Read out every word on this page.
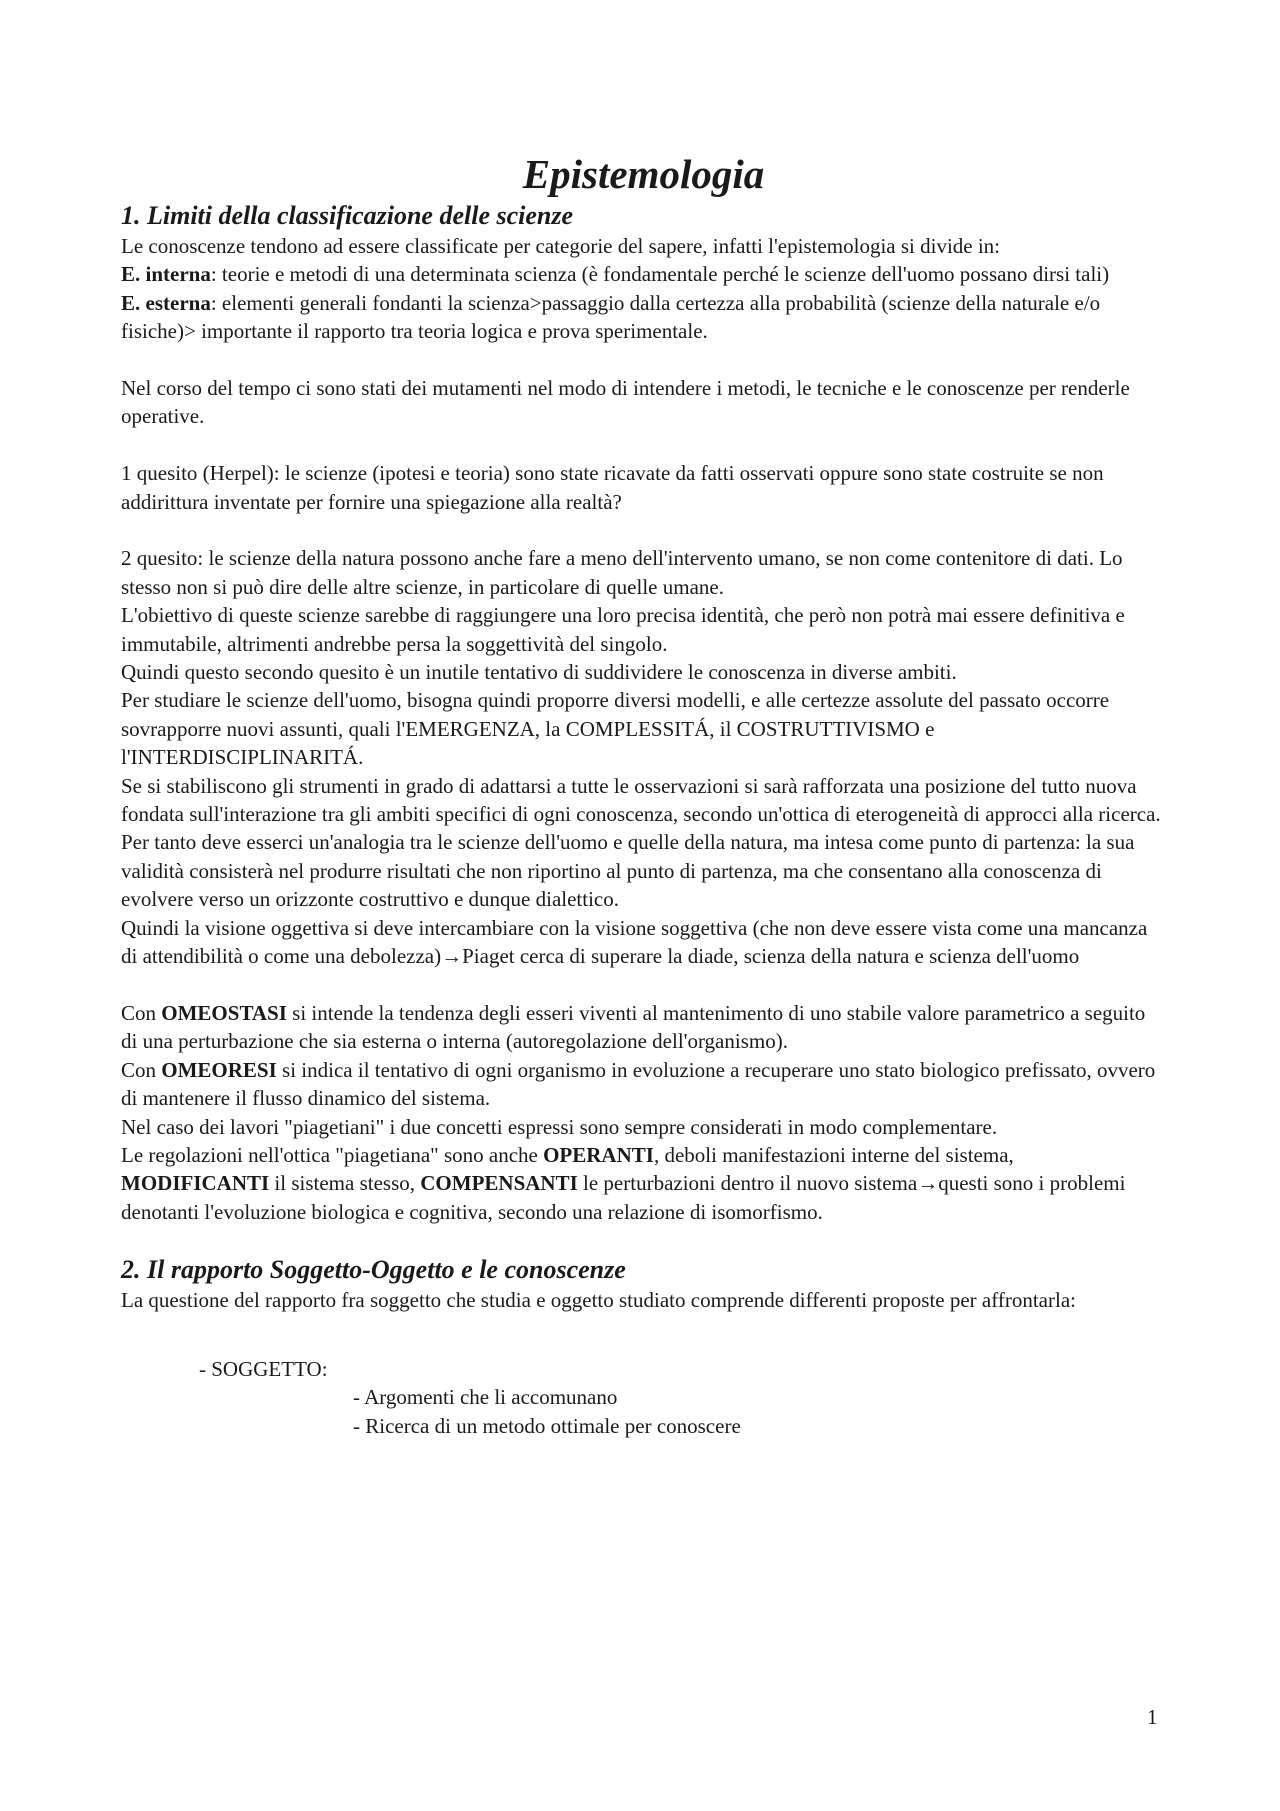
Epistemologia
1. Limiti della classificazione delle scienze

Le conoscenze tendono ad essere classificate per categorie del sapere, infatti l'epistemologia si divide in:

E. interna: teorie e metodi di una determinata scienza (è fondamentale perché le scienze dell'uomo possano dirsi tali)

E. esterna: elementi generali fondanti la scienza>passaggio dalla certezza alla probabilità (scienze della naturale e/o fisiche)> importante il rapporto tra teoria logica e prova sperimentale.

Nel corso del tempo ci sono stati dei mutamenti nel modo di intendere i metodi, le tecniche e le conoscenze per renderle operative.

1 quesito (Herpel): le scienze (ipotesi e teoria) sono state ricavate da fatti osservati oppure sono state costruite se non addirittura inventate per fornire una spiegazione alla realtà?

2 quesito: le scienze della natura possono anche fare a meno dell'intervento umano, se non come contenitore di dati. Lo stesso non si può dire delle altre scienze, in particolare di quelle umane.

L'obiettivo di queste scienze sarebbe di raggiungere una loro precisa identità, che però non potrà mai essere definitiva e immutabile, altrimenti andrebbe persa la soggettività del singolo.

Quindi questo secondo quesito è un inutile tentativo di suddividere le conoscenza in diverse ambiti.

Per studiare le scienze dell'uomo, bisogna quindi proporre diversi modelli, e alle certezze assolute del passato occorre sovrapporre nuovi assunti, quali l'EMERGENZA, la COMPLESSITÁ, il COSTRUTTIVISMO e l'INTERDISCIPLINARITÁ.

Se si stabiliscono gli strumenti in grado di adattarsi a tutte le osservazioni si sarà rafforzata una posizione del tutto nuova fondata sull'interazione tra gli ambiti specifici di ogni conoscenza, secondo un'ottica di eterogeneità di approcci alla ricerca.

Per tanto deve esserci un'analogia tra le scienze dell'uomo e quelle della natura, ma intesa come punto di partenza: la sua validità consisterà nel produrre risultati che non riportino al punto di partenza, ma che consentano alla conoscenza di evolvere verso un orizzonte costruttivo e dunque dialettico.

Quindi la visione oggettiva si deve intercambiare con la visione soggettiva (che non deve essere vista come una mancanza di attendibilità o come una debolezza)→Piaget cerca di superare la diade, scienza della natura e scienza dell'uomo

Con OMEOSTASI si intende la tendenza degli esseri viventi al mantenimento di uno stabile valore parametrico a seguito di una perturbazione che sia esterna o interna (autoregolazione dell'organismo).

Con OMEORESI si indica il tentativo di ogni organismo in evoluzione a recuperare uno stato biologico prefissato, ovvero di mantenere il flusso dinamico del sistema.

Nel caso dei lavori "piagetiani" i due concetti espressi sono sempre considerati in modo complementare.

Le regolazioni nell'ottica "piagetiana" sono anche OPERANTI, deboli manifestazioni interne del sistema, MODIFICANTI il sistema stesso, COMPENSANTI le perturbazioni dentro il nuovo sistema→questi sono i problemi denotanti l'evoluzione biologica e cognitiva, secondo una relazione di isomorfismo.

2. Il rapporto Soggetto-Oggetto e le conoscenze

La questione del rapporto fra soggetto che studia e oggetto studiato comprende differenti proposte per affrontarla:

- SOGGETTO:

- Argomenti che li accomunano

- Ricerca di un metodo ottimale per conoscere

1
